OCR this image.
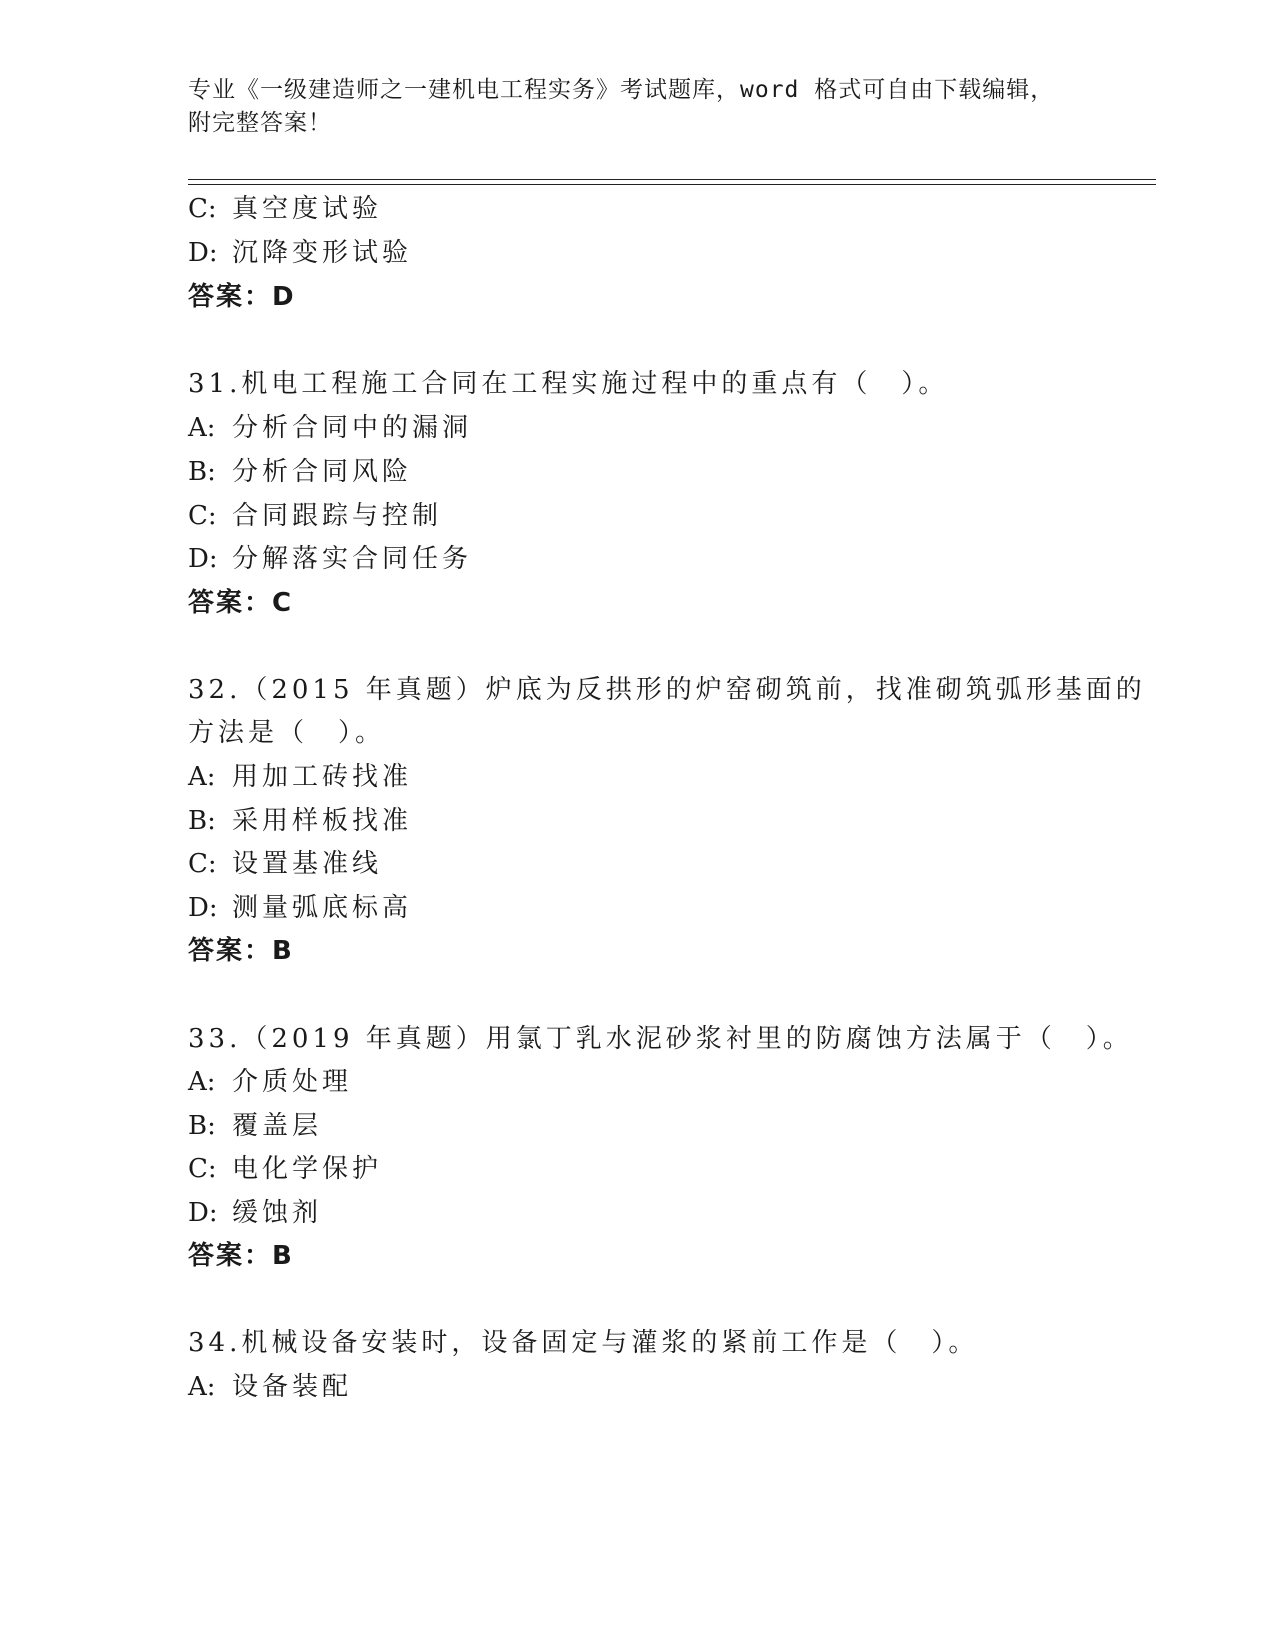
专业《一级建造师之一建机电工程实务》考试题库，word 格式可自由下载编辑，
附完整答案！
C: 真空度试验
D: 沉降变形试验
答案：D
31.机电工程施工合同在工程实施过程中的重点有（　）。
A: 分析合同中的漏洞
B: 分析合同风险
C: 合同跟踪与控制
D: 分解落实合同任务
答案：C
32.（2015 年真题）炉底为反拱形的炉窑砌筑前，找准砌筑弧形基面的
方法是（　）。
A: 用加工砖找准
B: 采用样板找准
C: 设置基准线
D: 测量弧底标高
答案：B
33.（2019 年真题）用氯丁乳水泥砂浆衬里的防腐蚀方法属于（　）。
A: 介质处理
B: 覆盖层
C: 电化学保护
D: 缓蚀剂
答案：B
34.机械设备安装时，设备固定与灌浆的紧前工作是（　）。
A: 设备装配
